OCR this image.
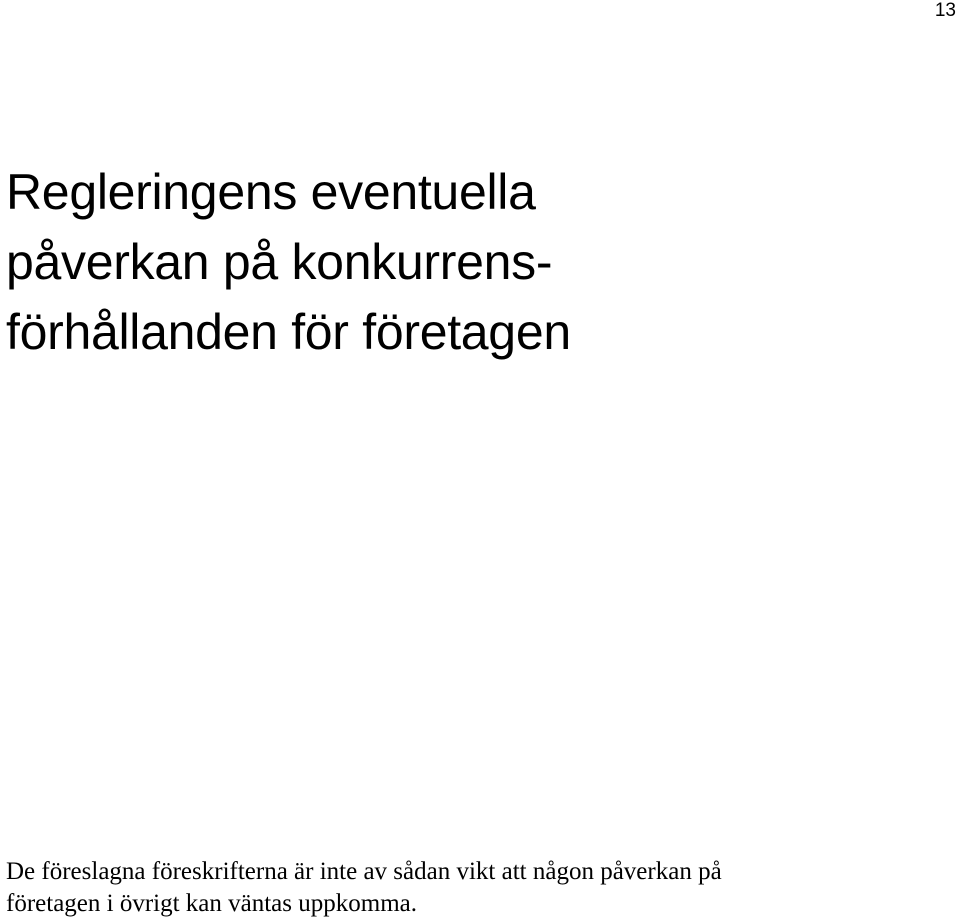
13
Regleringens eventuella
påverkan på konkurrens-
förhållanden för företagen

De föreslagna föreskrifterna är inte av sådan vikt att någon påverkan på
företagen i övrigt kan väntas uppkomma.
